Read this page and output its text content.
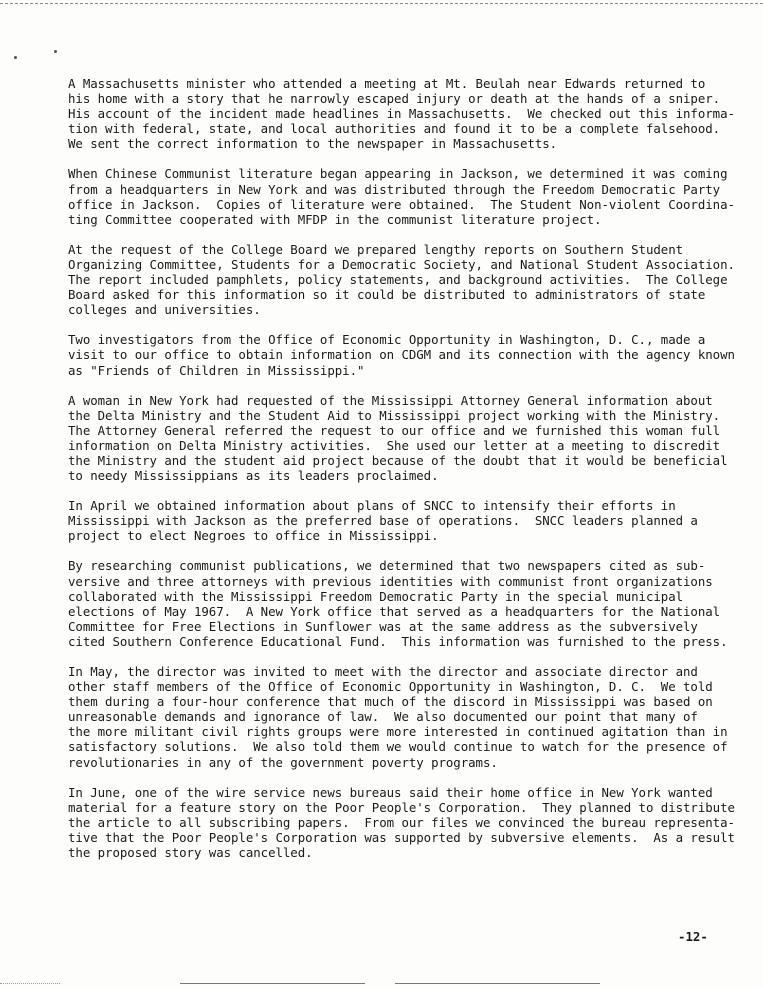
A Massachusetts minister who attended a meeting at Mt. Beulah near Edwards returned to
his home with a story that he narrowly escaped injury or death at the hands of a sniper.
His account of the incident made headlines in Massachusetts.  We checked out this informa-
tion with federal, state, and local authorities and found it to be a complete falsehood.
We sent the correct information to the newspaper in Massachusetts.
When Chinese Communist literature began appearing in Jackson, we determined it was coming
from a headquarters in New York and was distributed through the Freedom Democratic Party
office in Jackson.  Copies of literature were obtained.  The Student Non-violent Coordina-
ting Committee cooperated with MFDP in the communist literature project.
At the request of the College Board we prepared lengthy reports on Southern Student
Organizing Committee, Students for a Democratic Society, and National Student Association.
The report included pamphlets, policy statements, and background activities.  The College
Board asked for this information so it could be distributed to administrators of state
colleges and universities.
Two investigators from the Office of Economic Opportunity in Washington, D. C., made a
visit to our office to obtain information on CDGM and its connection with the agency known
as "Friends of Children in Mississippi."
A woman in New York had requested of the Mississippi Attorney General information about
the Delta Ministry and the Student Aid to Mississippi project working with the Ministry.
The Attorney General referred the request to our office and we furnished this woman full
information on Delta Ministry activities.  She used our letter at a meeting to discredit
the Ministry and the student aid project because of the doubt that it would be beneficial
to needy Mississippians as its leaders proclaimed.
In April we obtained information about plans of SNCC to intensify their efforts in
Mississippi with Jackson as the preferred base of operations.  SNCC leaders planned a
project to elect Negroes to office in Mississippi.
By researching communist publications, we determined that two newspapers cited as sub-
versive and three attorneys with previous identities with communist front organizations
collaborated with the Mississippi Freedom Democratic Party in the special municipal
elections of May 1967.  A New York office that served as a headquarters for the National
Committee for Free Elections in Sunflower was at the same address as the subversively
cited Southern Conference Educational Fund.  This information was furnished to the press.
In May, the director was invited to meet with the director and associate director and
other staff members of the Office of Economic Opportunity in Washington, D. C.  We told
them during a four-hour conference that much of the discord in Mississippi was based on
unreasonable demands and ignorance of law.  We also documented our point that many of
the more militant civil rights groups were more interested in continued agitation than in
satisfactory solutions.  We also told them we would continue to watch for the presence of
revolutionaries in any of the government poverty programs.
In June, one of the wire service news bureaus said their home office in New York wanted
material for a feature story on the Poor People's Corporation.  They planned to distribute
the article to all subscribing papers.  From our files we convinced the bureau representa-
tive that the Poor People's Corporation was supported by subversive elements.  As a result
the proposed story was cancelled.
-12-
